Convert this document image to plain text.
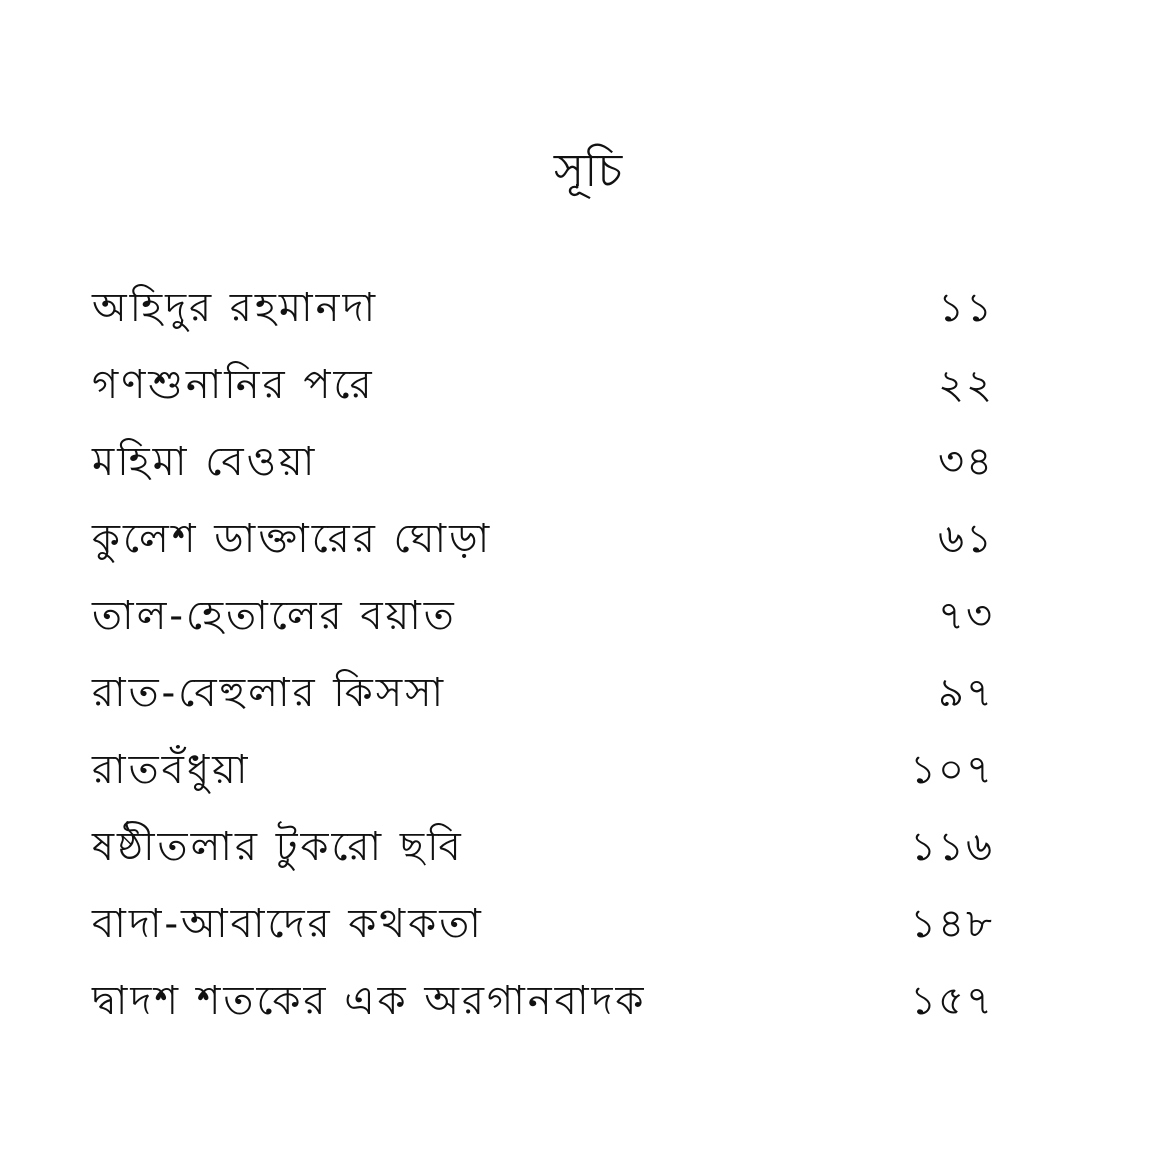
সূচি
অহিদুর রহমানদা	১১
গণশুনানির পরে	২২
মহিমা বেওয়া	৩৪
কুলেশ ডাক্তারের ঘোড়া	৬১
তাল-হেতালের বয়াত	৭৩
রাত-বেহুলার কিসসা	৯৭
রাতবঁধুয়া	১০৭
ষষ্ঠীতলার টুকরো ছবি	১১৬
বাদা-আবাদের কথকতা	১৪৮
দ্বাদশ শতকের এক অরগানবাদক	১৫৭
